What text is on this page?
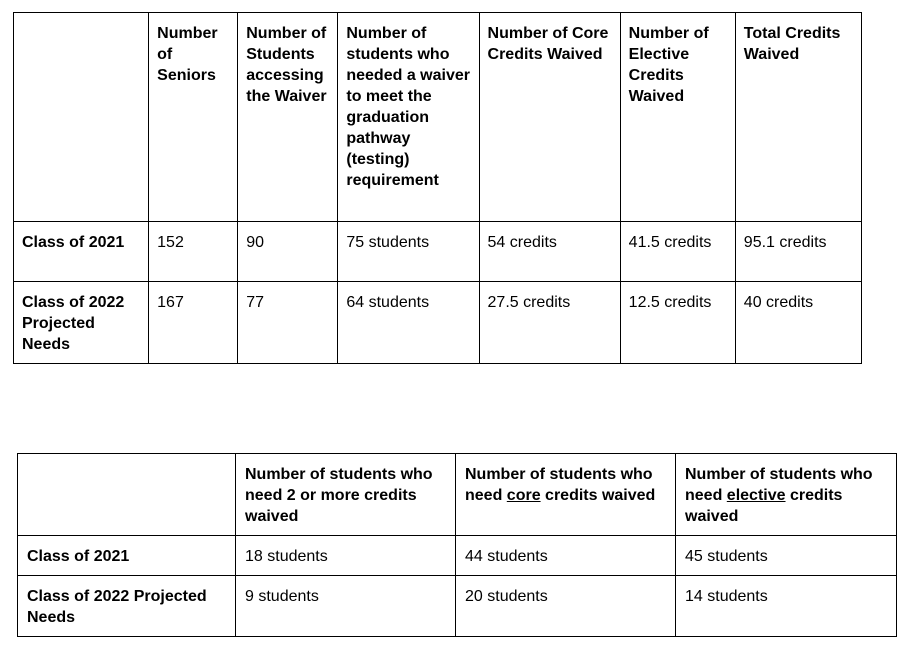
	Number of Seniors	Number of Students accessing the Waiver	Number of students who needed a waiver to meet the graduation pathway (testing) requirement	Number of Core Credits Waived	Number of Elective Credits Waived	Total Credits Waived
Class of 2021	152	90	75 students	54 credits	41.5 credits	95.1 credits
Class of 2022 Projected Needs	167	77	64 students	27.5 credits	12.5 credits	40 credits
	Number of students who need 2 or more credits waived	Number of students who need core credits waived	Number of students who need elective credits waived
Class of 2021	18 students	44 students	45 students
Class of 2022 Projected Needs	9 students	20 students	14 students
